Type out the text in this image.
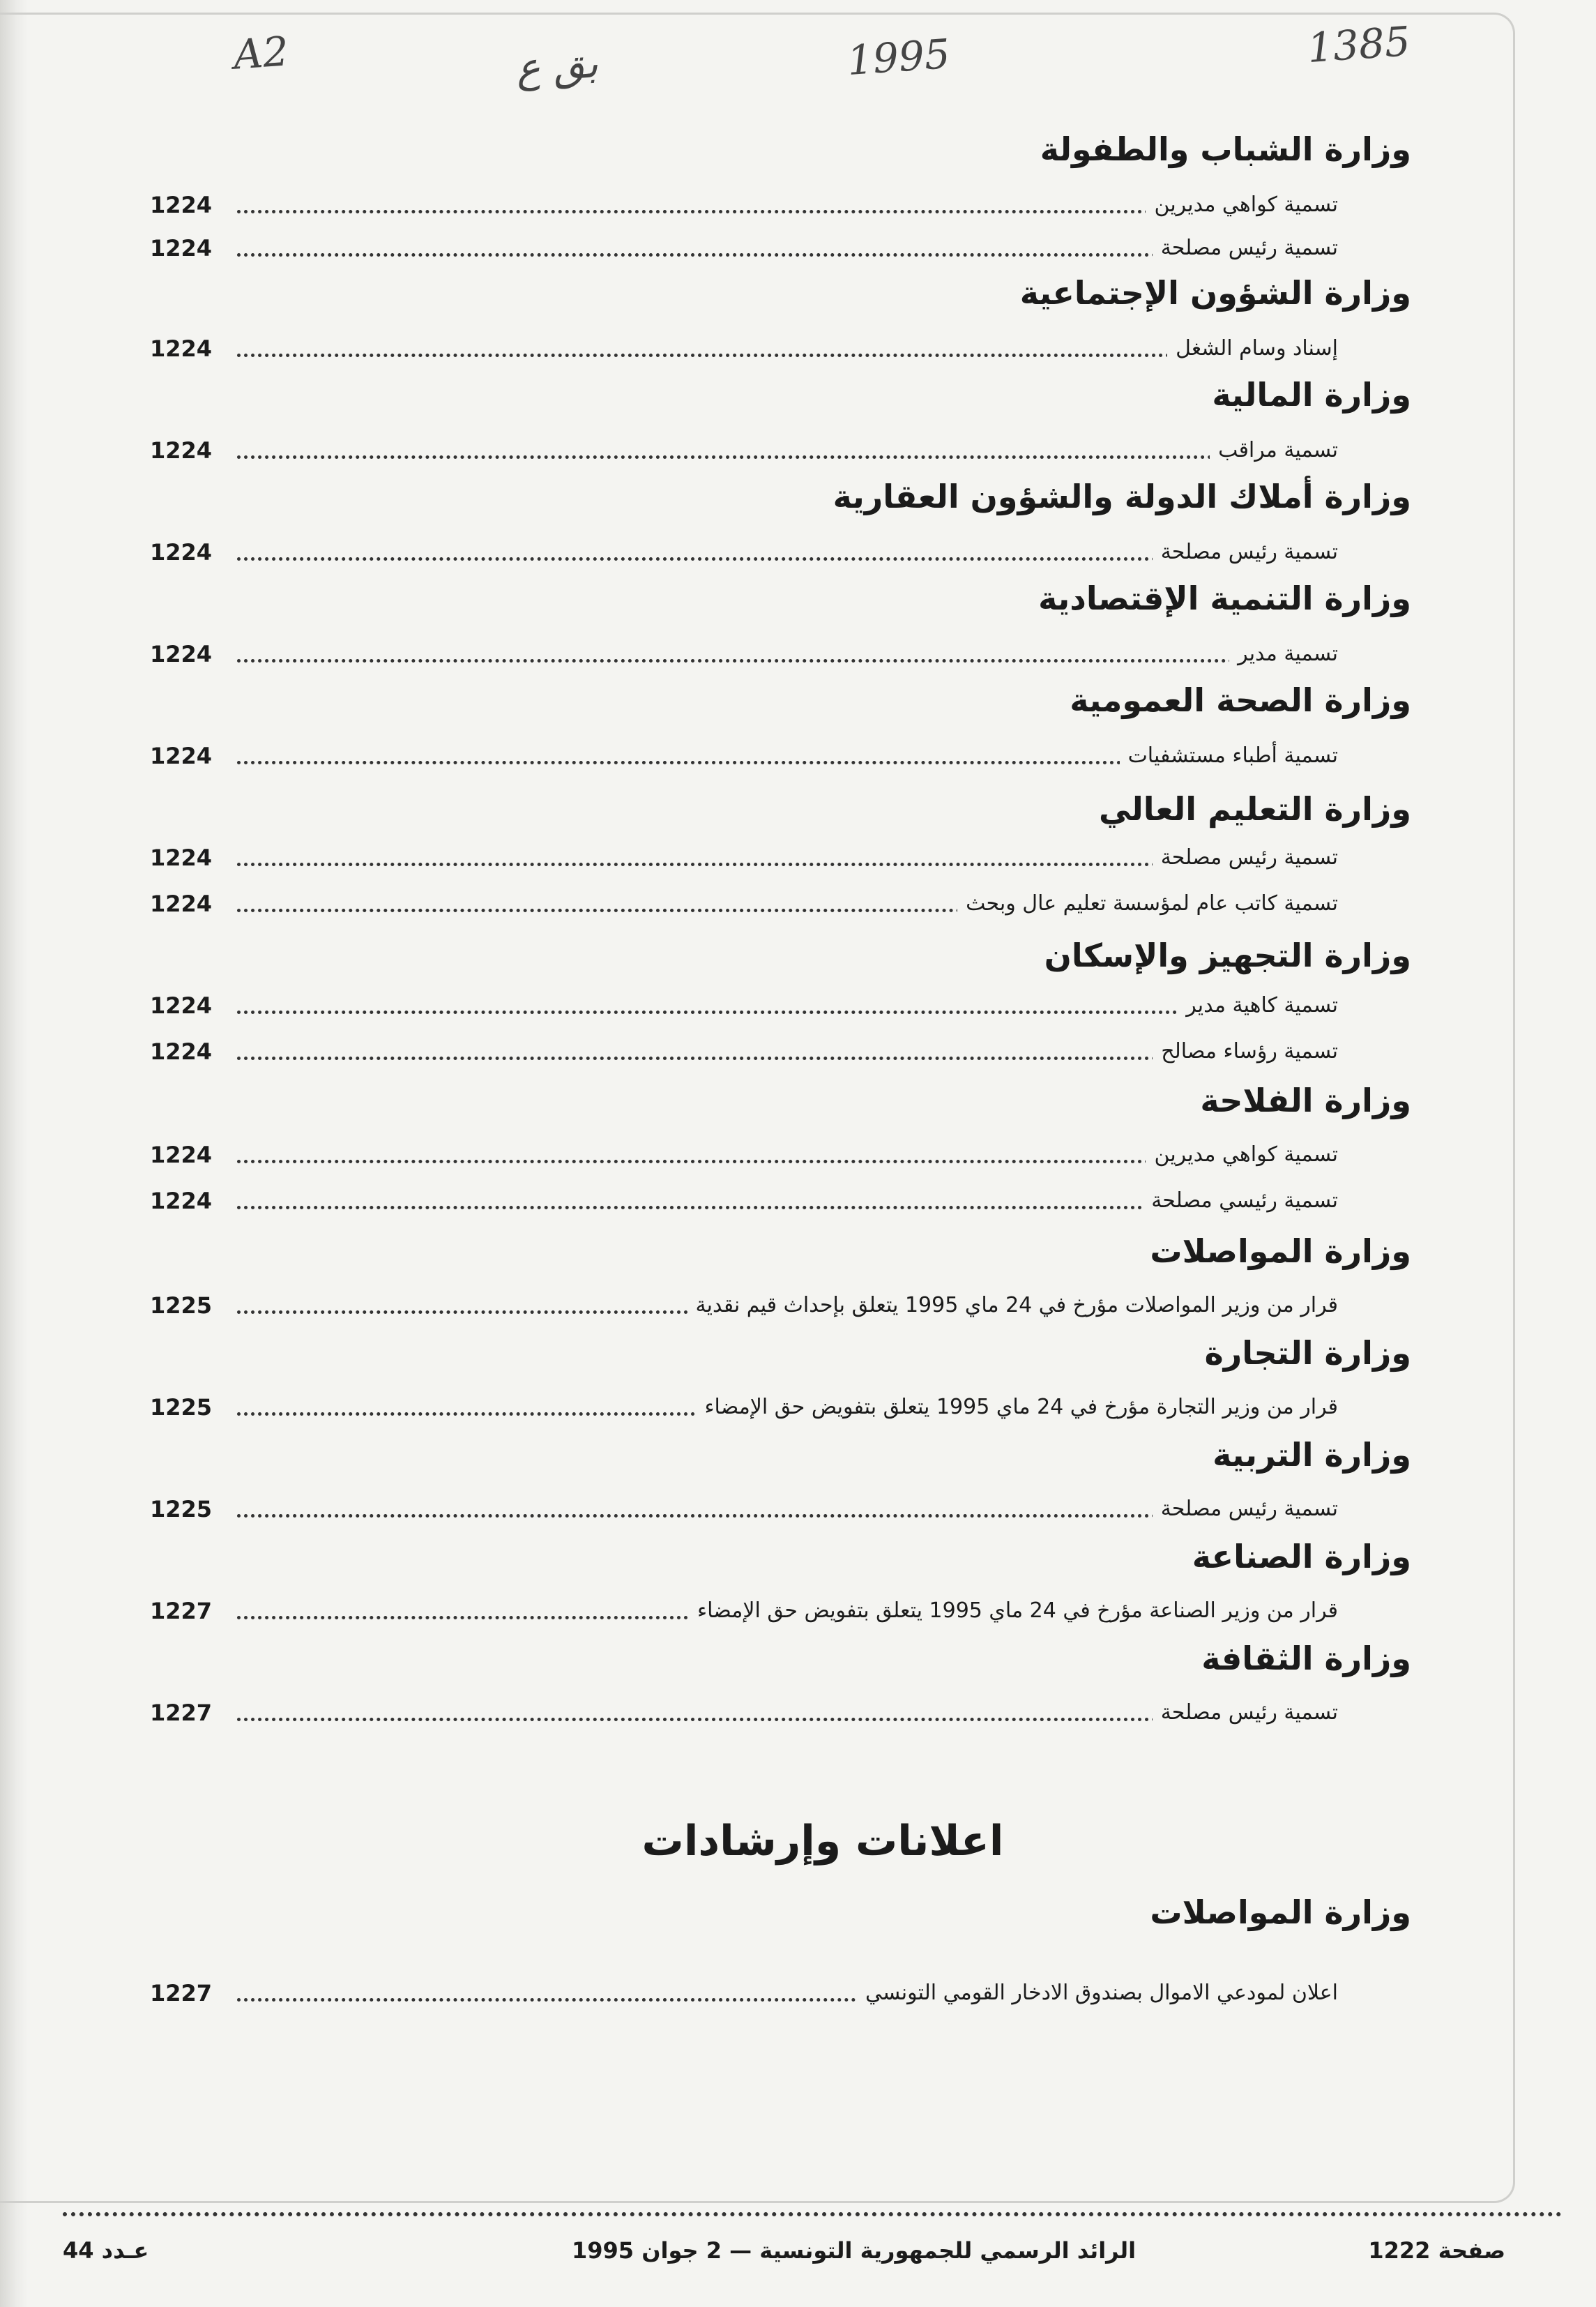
A2	بق ع	1995	1385
وزارة الشباب والطفولة
1224	تسمية كواهي مديرين
1224	تسمية رئيس مصلحة
وزارة الشؤون الإجتماعية
1224	إسناد وسام الشغل
وزارة المالية
1224	تسمية مراقب
وزارة أملاك الدولة والشؤون العقارية
1224	تسمية رئيس مصلحة
وزارة التنمية الإقتصادية
1224	تسمية مدير
وزارة الصحة العمومية
1224	تسمية أطباء مستشفيات
وزارة التعليم العالي
1224	تسمية رئيس مصلحة
1224	تسمية كاتب عام لمؤسسة تعليم عال وبحث
وزارة التجهيز والإسكان
1224	تسمية كاهية مدير
1224	تسمية رؤساء مصالح
وزارة الفلاحة
1224	تسمية كواهي مديرين
1224	تسمية رئيسي مصلحة
وزارة المواصلات
1225	قرار من وزير المواصلات مؤرخ في 24 ماي 1995 يتعلق بإحداث قيم نقدية
وزارة التجارة
1225	قرار من وزير التجارة مؤرخ في 24 ماي 1995 يتعلق بتفويض حق الإمضاء
وزارة التربية
1225	تسمية رئيس مصلحة
وزارة الصناعة
1227	قرار من وزير الصناعة مؤرخ في 24 ماي 1995 يتعلق بتفويض حق الإمضاء
وزارة الثقافة
1227	تسمية رئيس مصلحة
اعلانات وإرشادات
وزارة المواصلات
1227	اعلان لمودعي الاموال بصندوق الادخار القومي التونسي
صفحة 1222
الرائد الرسمي للجمهورية التونسية — 2 جوان 1995
عـدد 44
